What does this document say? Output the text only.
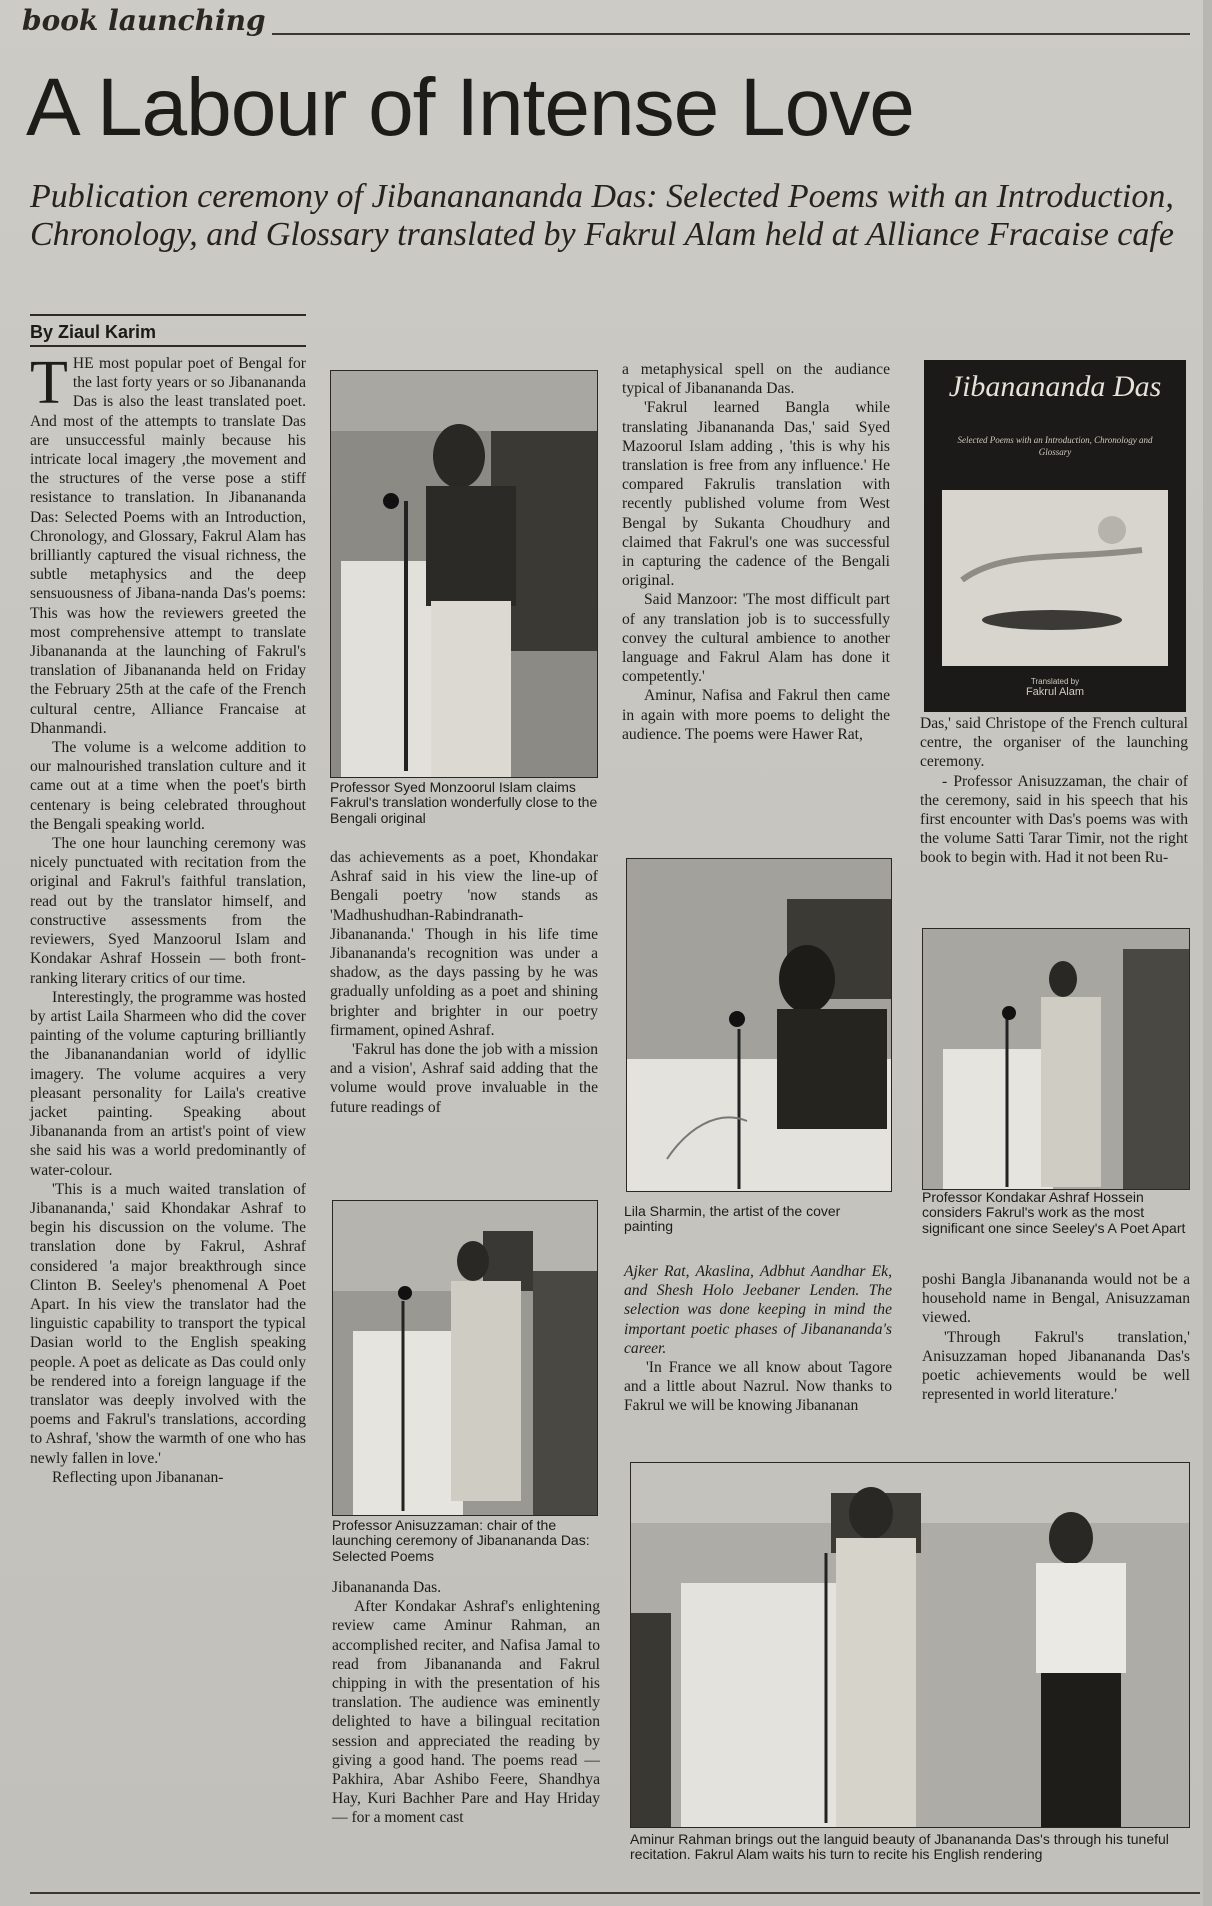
book launching
A Labour of Intense Love
Publication ceremony of Jibananananda Das: Selected Poems with an Introduction, Chronology, and Glossary translated by Fakrul Alam held at Alliance Fracaise cafe
By Ziaul Karim

THE most popular poet of Bengal for the last forty years or so Jibanananda Das is also the least translated poet. And most of the attempts to translate Das are unsuccessful mainly because his intricate local imagery ,the movement and the structures of the verse pose a stiff resistance to translation. In Jibanananda Das: Selected Poems with an Introduction, Chronology, and Glossary, Fakrul Alam has brilliantly captured the visual richness, the subtle metaphysics and the deep sensuousness of Jibana-nanda Das's poems: This was how the reviewers greeted the most comprehensive attempt to translate Jibanananda at the launching of Fakrul's translation of Jibanananda held on Friday the February 25th at the cafe of the French cultural centre, Alliance Francaise at Dhanmandi.

The volume is a welcome addition to our malnourished translation culture and it came out at a time when the poet's birth centenary is being celebrated throughout the Bengali speaking world.

The one hour launching ceremony was nicely punctuated with recitation from the original and Fakrul's faithful translation, read out by the translator himself, and constructive assessments from the reviewers, Syed Manzoorul Islam and Kondakar Ashraf Hossein — both front-ranking literary critics of our time.

Interestingly, the programme was hosted by artist Laila Sharmeen who did the cover painting of the volume capturing brilliantly the Jibananandanian world of idyllic imagery. The volume acquires a very pleasant personality for Laila's creative jacket painting. Speaking about Jibanananda from an artist's point of view she said his was a world predominantly of water-colour.

'This is a much waited translation of Jibanananda,' said Khondakar Ashraf to begin his discussion on the volume. The translation done by Fakrul, Ashraf considered 'a major breakthrough since Clinton B. Seeley's phenomenal A Poet Apart. In his view the translator had the linguistic capability to transport the typical Dasian world to the English speaking people. A poet as delicate as Das could only be rendered into a foreign language if the translator was deeply involved with the poems and Fakrul's translations, according to Ashraf, 'show the warmth of one who has newly fallen in love.'

Reflecting upon Jibananan-

Professor Syed Monzoorul Islam claims Fakrul's translation wonderfully close to the Bengali original

das achievements as a poet, Khondakar Ashraf said in his view the line-up of Bengali poetry 'now stands as 'Madhushudhan-Rabindranath-Jibanananda.' Though in his life time Jibanananda's recognition was under a shadow, as the days passing by he was gradually unfolding as a poet and shining brighter and brighter in our poetry firmament, opined Ashraf.

'Fakrul has done the job with a mission and a vision', Ashraf said adding that the volume would prove invaluable in the future readings of

Professor Anisuzzaman: chair of the launching ceremony of Jibanananda Das: Selected Poems

Jibanananda Das.

After Kondakar Ashraf's enlightening review came Aminur Rahman, an accomplished reciter, and Nafisa Jamal to read from Jibanananda and Fakrul chipping in with the presentation of his translation. The audience was eminently delighted to have a bilingual recitation session and appreciated the reading by giving a good hand. The poems read — Pakhira, Abar Ashibo Feere, Shandhya Hay, Kuri Bachher Pare and Hay Hriday — for a moment cast

a metaphysical spell on the audiance typical of Jibanananda Das.

'Fakrul learned Bangla while translating Jibanananda Das,' said Syed Mazoorul Islam adding , 'this is why his translation is free from any influence.' He compared Fakrulis translation with recently published volume from West Bengal by Sukanta Choudhury and claimed that Fakrul's one was successful in capturing the cadence of the Bengali original.

Said Manzoor: 'The most difficult part of any translation job is to successfully convey the cultural ambience to another language and Fakrul Alam has done it competently.'

Aminur, Nafisa and Fakrul then came in again with more poems to delight the audience. The poems were Hawer Rat,

Lila Sharmin, the artist of the cover painting

Ajker Rat, Akaslina, Adbhut Aandhar Ek, and Shesh Holo Jeebaner Lenden. The selection was done keeping in mind the important poetic phases of Jibanananda's career.

'In France we all know about Tagore and a little about Nazrul. Now thanks to Fakrul we will be knowing Jibananan

Jibanananda Das
Selected Poems with an Introduction, Chronology and Glossary
Translated by
Fakrul Alam

Das,' said Christope of the French cultural centre, the organiser of the launching ceremony.

- Professor Anisuzzaman, the chair of the ceremony, said in his speech that his first encounter with Das's poems was with the volume Satti Tarar Timir, not the right book to begin with. Had it not been Ru-

Professor Kondakar Ashraf Hossein considers Fakrul's work as the most significant one since Seeley's A Poet Apart

poshi Bangla Jibanananda would not be a household name in Bengal, Anisuzzaman viewed.

'Through Fakrul's translation,' Anisuzzaman hoped Jibanananda Das's poetic achievements would be well represented in world literature.'

Aminur Rahman brings out the languid beauty of Jbanananda Das's through his tuneful recitation. Fakrul Alam waits his turn to recite his English rendering
